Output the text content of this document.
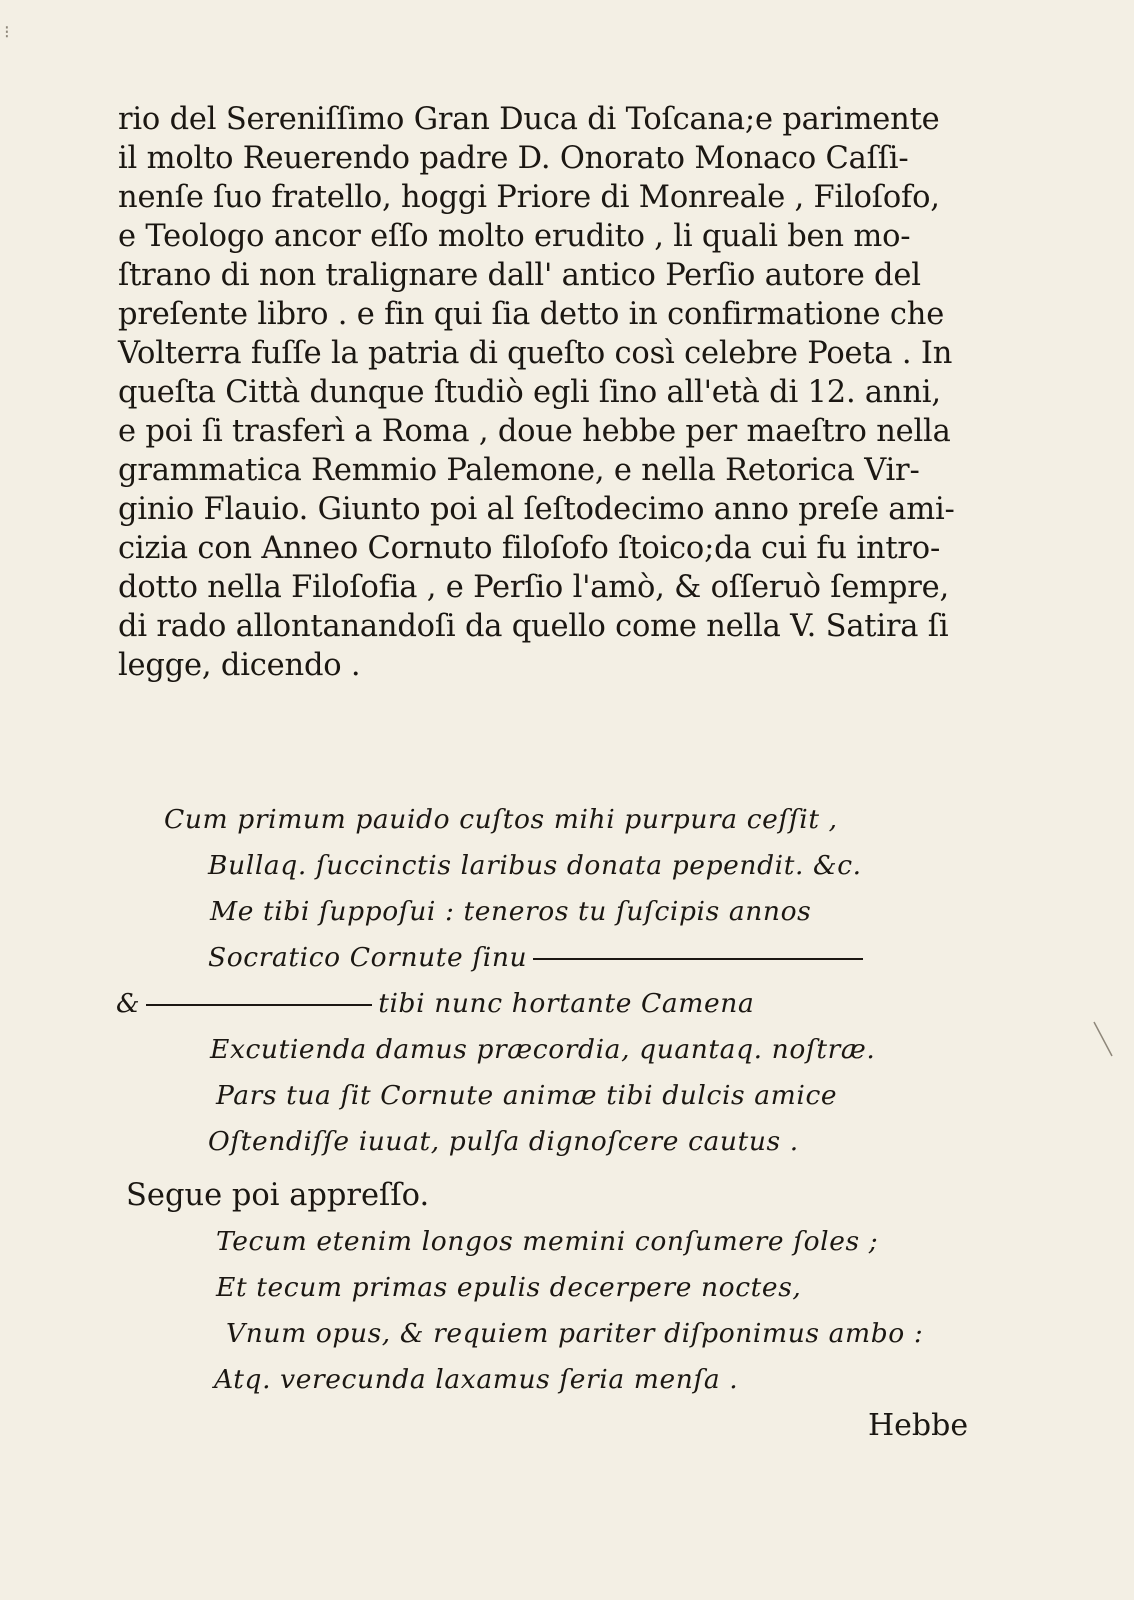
rio del Sereniſſimo Gran Duca di Toſcana;e parimente
il molto Reuerendo padre D. Onorato Monaco Caſſi-
nenſe ſuo fratello, hoggi Priore di Monreale , Filoſofo,
e Teologo ancor eſſo molto erudito , li quali ben mo-
ſtrano di non tralignare dall' antico Perſio autore del
preſente libro . e fin qui ſia detto in confirmatione che
Volterra fuſſe la patria di queſto così celebre Poeta . In
queſta Città dunque ſtudiò egli ſino all'età di 12. anni,
e poi ſi trasferì a Roma , doue hebbe per maeſtro nella
grammatica Remmio Palemone, e nella Retorica Vir-
ginio Flauio. Giunto poi al ſeſtodecimo anno preſe ami-
cizia con Anneo Cornuto filoſofo ſtoico;da cui fu intro-
dotto nella Filoſofia , e Perſio l'amò, & oſſeruò ſempre,
di rado allontanandoſi da quello come nella V. Satira ſi
legge, dicendo .
Cum primum pauido cuſtos mihi purpura ceſſit ,
Bullaq. ſuccinctis laribus donata pependit. &c.
Me tibi ſuppoſui : teneros tu ſuſcipis annos
Socratico Cornute ſinu
&	tibi nunc hortante Camena
Excutienda damus præcordia, quantaq. noſtræ.
Pars tua ſit Cornute animæ tibi dulcis amice
Oſtendiſſe iuuat, pulſa dignoſcere cautus .
Segue poi appreſſo.
Tecum etenim longos memini conſumere ſoles ;
Et tecum primas epulis decerpere noctes,
Vnum opus, & requiem pariter diſponimus ambo :
Atq. verecunda laxamus ſeria menſa .
Hebbe
⁝
